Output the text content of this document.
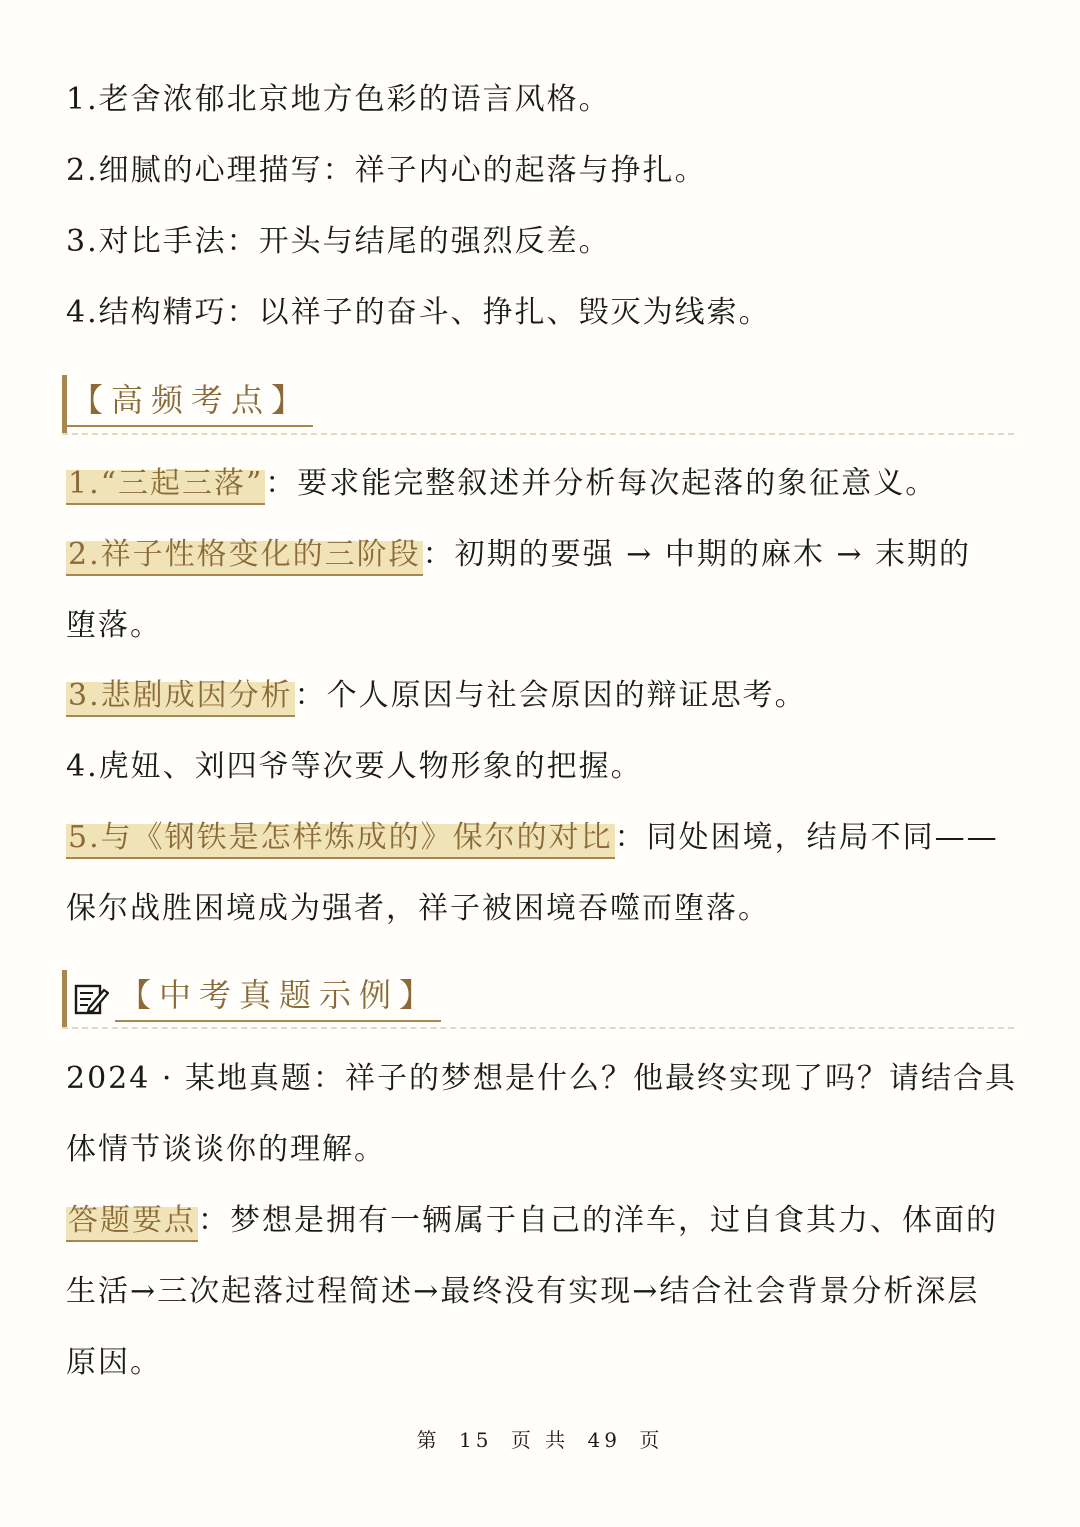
1.老舍浓郁北京地方色彩的语言风格。
2.细腻的心理描写：祥子内心的起落与挣扎。
3.对比手法：开头与结尾的强烈反差。
4.结构精巧：以祥子的奋斗、挣扎、毁灭为线索。
【高频考点】
1.“三起三落”：要求能完整叙述并分析每次起落的象征意义。
2.祥子性格变化的三阶段：初期的要强 → 中期的麻木 → 末期的
堕落。
3.悲剧成因分析：个人原因与社会原因的辩证思考。
4.虎妞、刘四爷等次要人物形象的把握。
5.与《钢铁是怎样炼成的》保尔的对比：同处困境，结局不同——
保尔战胜困境成为强者，祥子被困境吞噬而堕落。
【中考真题示例】
2024 · 某地真题：祥子的梦想是什么？他最终实现了吗？请结合具
体情节谈谈你的理解。
答题要点：梦想是拥有一辆属于自己的洋车，过自食其力、体面的
生活→三次起落过程简述→最终没有实现→结合社会背景分析深层
原因。
第 15 页 共 49 页
